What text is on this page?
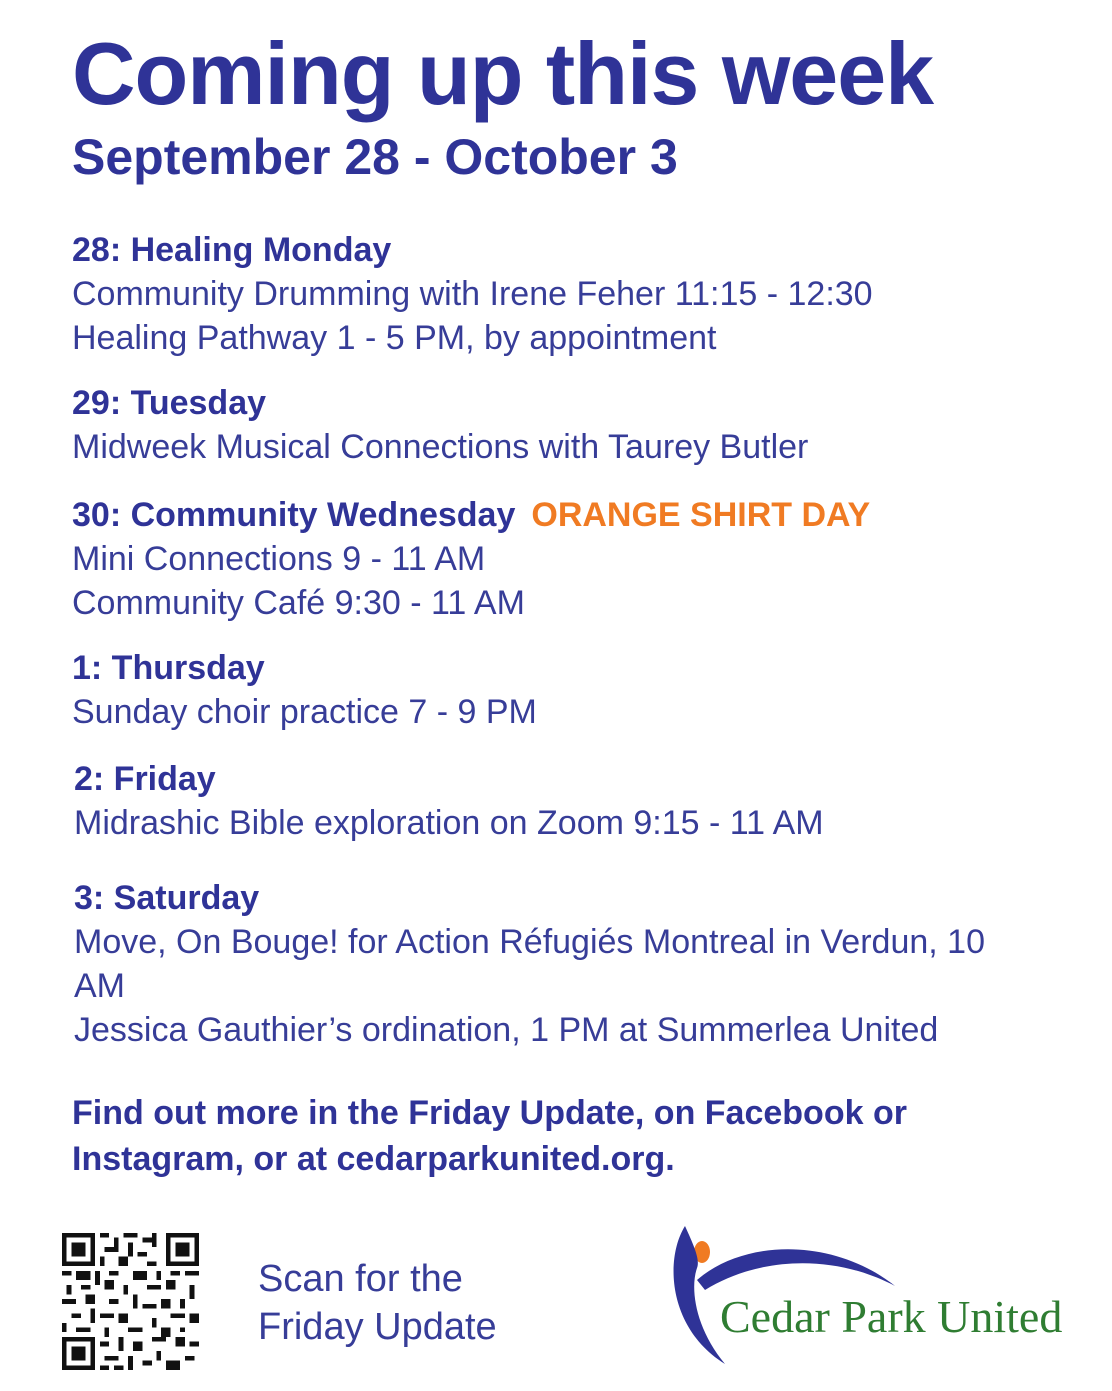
Coming up this week
September 28 - October 3
28: Healing Monday
Community Drumming with Irene Feher 11:15 - 12:30
Healing Pathway 1 - 5 PM, by appointment
29: Tuesday
Midweek Musical Connections with Taurey Butler
30: Community Wednesday ORANGE SHIRT DAY
Mini Connections 9 - 11 AM
Community Café 9:30 - 11 AM
1: Thursday
Sunday choir practice 7 - 9 PM
2: Friday
Midrashic Bible exploration on Zoom 9:15 - 11 AM
3: Saturday
Move, On Bouge! for Action Réfugiés Montreal in Verdun, 10 AM
Jessica Gauthier’s ordination, 1 PM at Summerlea United
Find out more in the Friday Update, on Facebook or Instagram, or at cedarparkunited.org.
Scan for the
Friday Update	Cedar Park United
